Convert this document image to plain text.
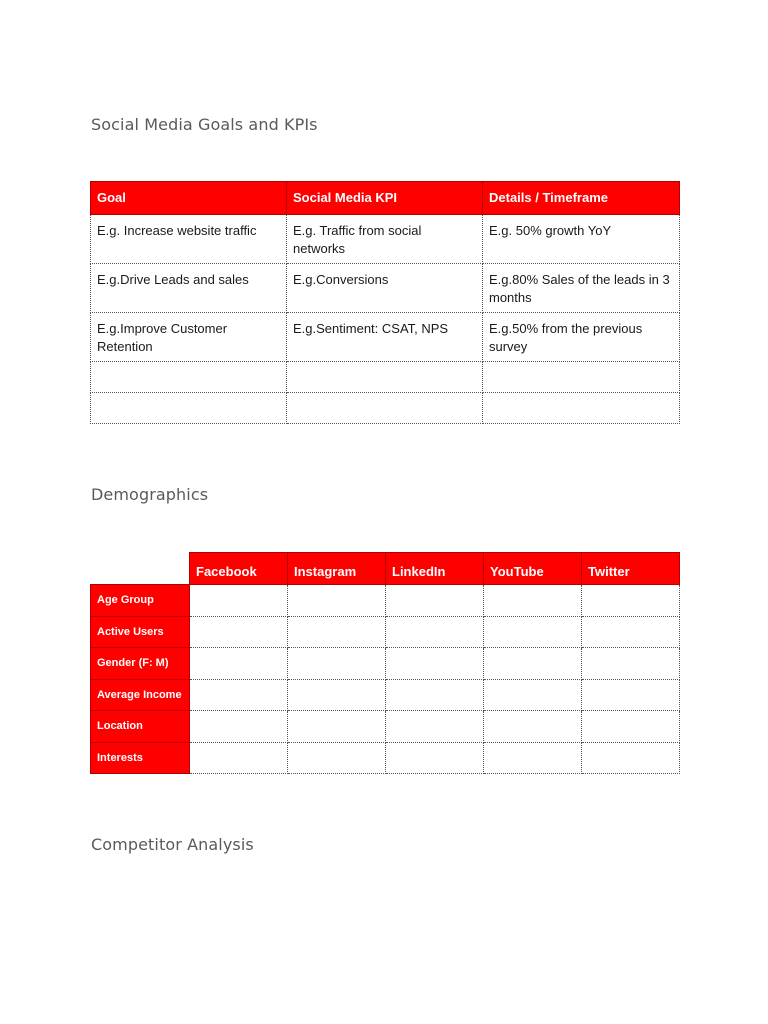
Social Media Goals and KPIs
Goal	Social Media KPI	Details / Timeframe
E.g. Increase website traffic	E.g. Traffic from social networks	E.g. 50% growth YoY
E.g.Drive Leads and sales	E.g.Conversions	E.g.80% Sales of the leads in 3 months
E.g.Improve Customer Retention	E.g.Sentiment: CSAT, NPS	E.g.50% from the previous survey

Demographics
	Facebook	Instagram	LinkedIn	YouTube	Twitter
Age Group					
Active Users					
Gender (F: M)					
Average Income					
Location					
Interests					
Competitor Analysis
